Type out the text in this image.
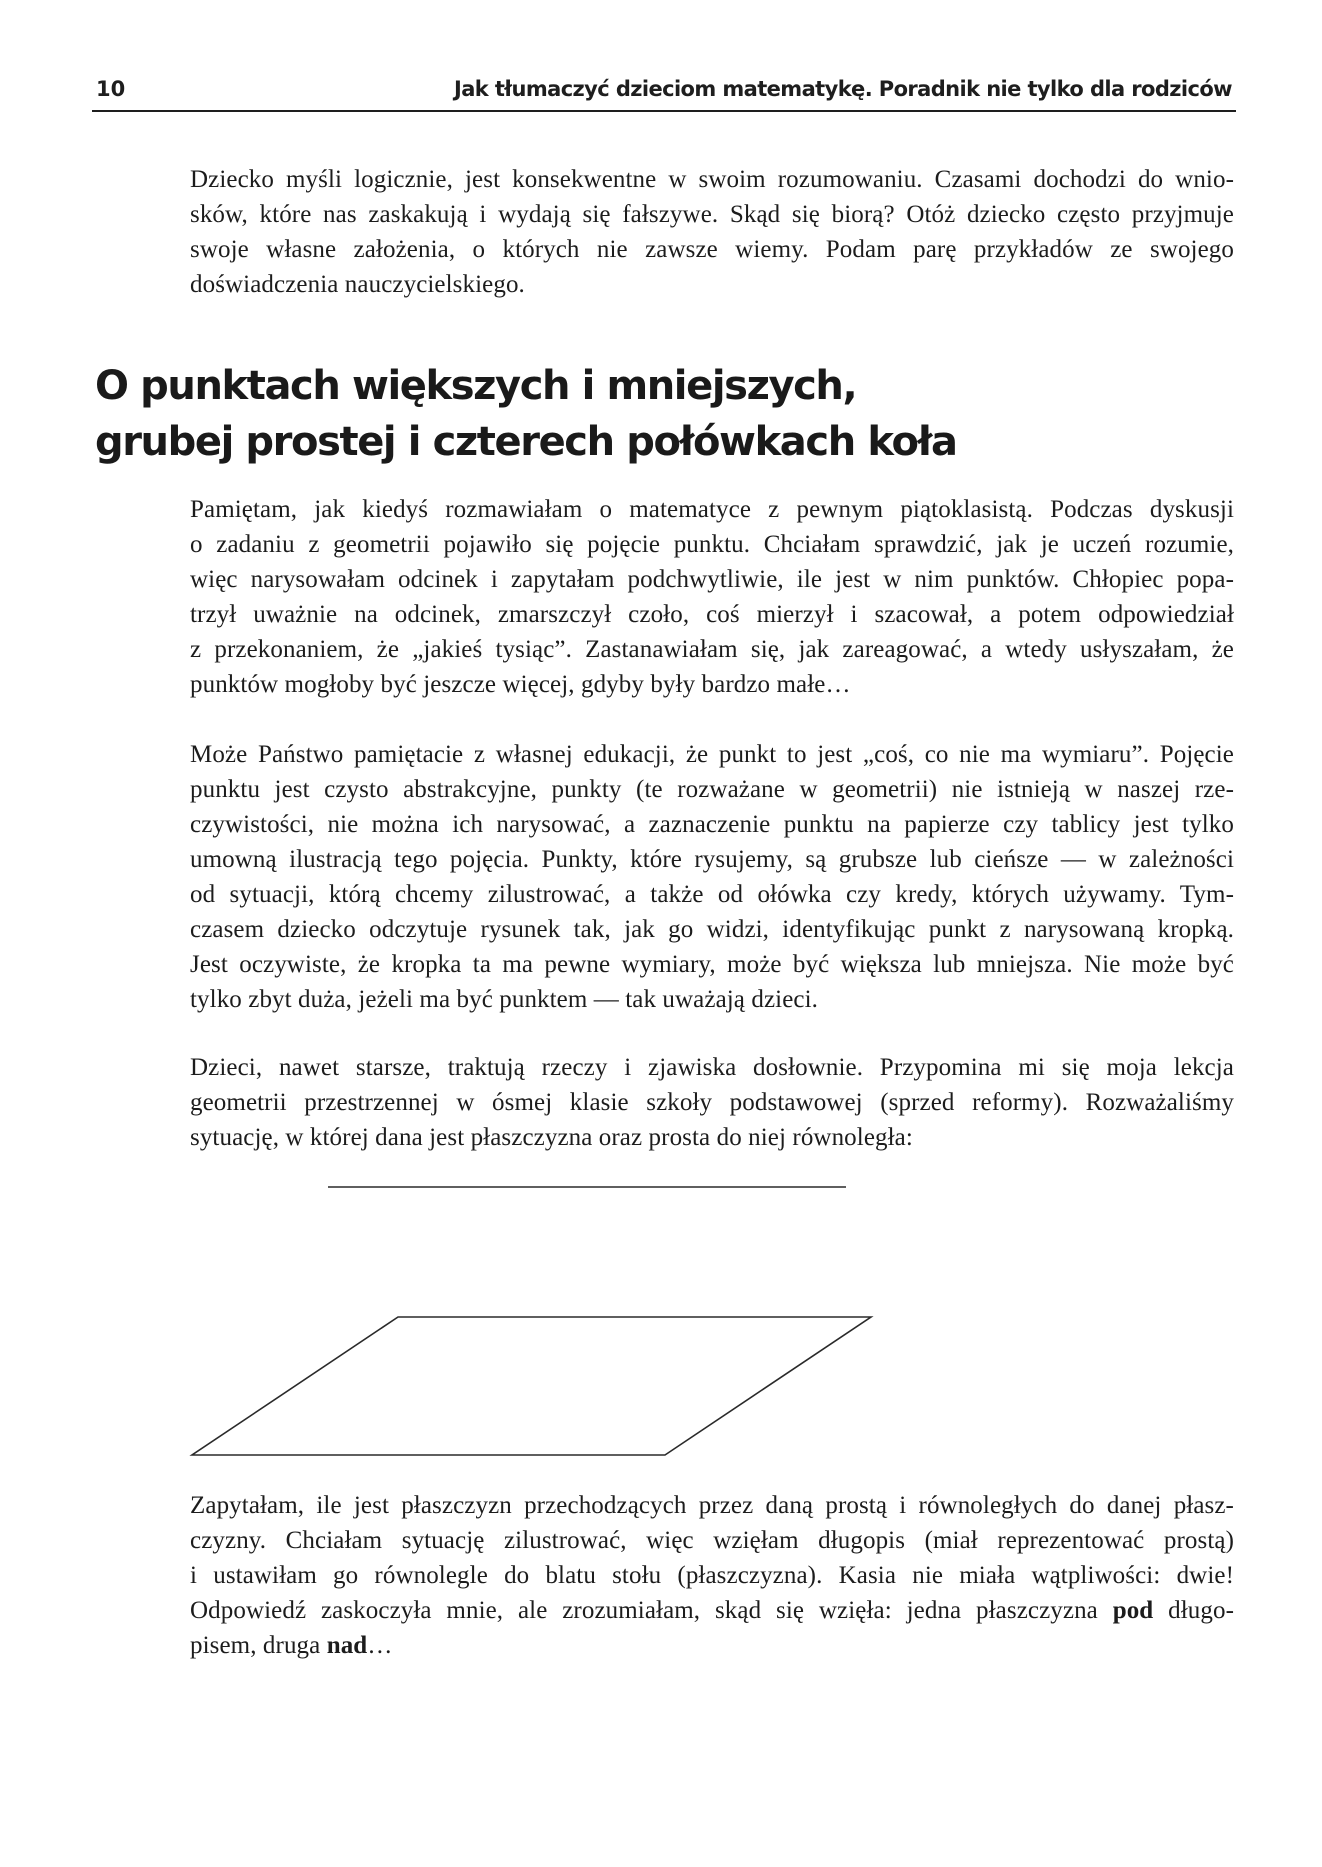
10	Jak tłumaczyć dzieciom matematykę. Poradnik nie tylko dla rodziców

Dziecko myśli logicznie, jest konsekwentne w swoim rozumowaniu. Czasami dochodzi do wnio-
sków, które nas zaskakują i wydają się fałszywe. Skąd się biorą? Otóż dziecko często przyjmuje
swoje własne założenia, o których nie zawsze wiemy. Podam parę przykładów ze swojego
doświadczenia nauczycielskiego.

O punktach większych i mniejszych,
grubej prostej i czterech połówkach koła

Pamiętam, jak kiedyś rozmawiałam o matematyce z pewnym piątoklasistą. Podczas dyskusji
o zadaniu z geometrii pojawiło się pojęcie punktu. Chciałam sprawdzić, jak je uczeń rozumie,
więc narysowałam odcinek i zapytałam podchwytliwie, ile jest w nim punktów. Chłopiec popa-
trzył uważnie na odcinek, zmarszczył czoło, coś mierzył i szacował, a potem odpowiedział
z przekonaniem, że „jakieś tysiąc”. Zastanawiałam się, jak zareagować, a wtedy usłyszałam, że
punktów mogłoby być jeszcze więcej, gdyby były bardzo małe…

Może Państwo pamiętacie z własnej edukacji, że punkt to jest „coś, co nie ma wymiaru”. Pojęcie
punktu jest czysto abstrakcyjne, punkty (te rozważane w geometrii) nie istnieją w naszej rze-
czywistości, nie można ich narysować, a zaznaczenie punktu na papierze czy tablicy jest tylko
umowną ilustracją tego pojęcia. Punkty, które rysujemy, są grubsze lub cieńsze — w zależności
od sytuacji, którą chcemy zilustrować, a także od ołówka czy kredy, których używamy. Tym-
czasem dziecko odczytuje rysunek tak, jak go widzi, identyfikując punkt z narysowaną kropką.
Jest oczywiste, że kropka ta ma pewne wymiary, może być większa lub mniejsza. Nie może być
tylko zbyt duża, jeżeli ma być punktem — tak uważają dzieci.

Dzieci, nawet starsze, traktują rzeczy i zjawiska dosłownie. Przypomina mi się moja lekcja
geometrii przestrzennej w ósmej klasie szkoły podstawowej (sprzed reformy). Rozważaliśmy
sytuację, w której dana jest płaszczyzna oraz prosta do niej równoległa:

Zapytałam, ile jest płaszczyzn przechodzących przez daną prostą i równoległych do danej płasz-
czyzny. Chciałam sytuację zilustrować, więc wzięłam długopis (miał reprezentować prostą)
i ustawiłam go równolegle do blatu stołu (płaszczyzna). Kasia nie miała wątpliwości: dwie!
Odpowiedź zaskoczyła mnie, ale zrozumiałam, skąd się wzięła: jedna płaszczyzna pod długo-
pisem, druga nad…
